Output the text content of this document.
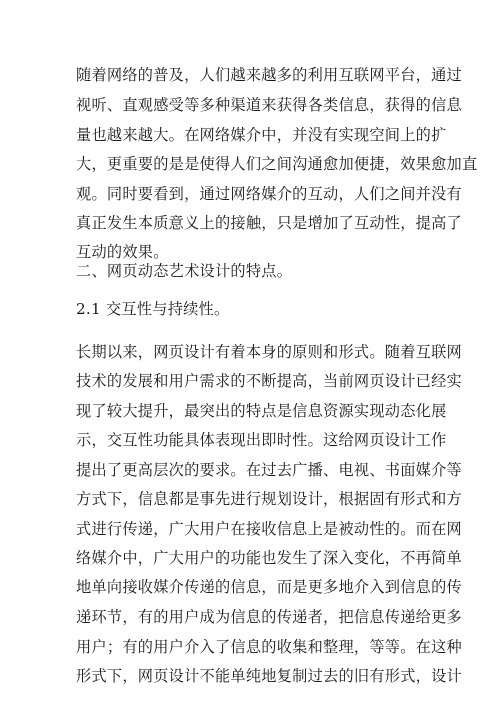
随着网络的普及，人们越来越多的利用互联网平台，通过
视听、直观感受等多种渠道来获得各类信息，获得的信息
量也越来越大。在网络媒介中，并没有实现空间上的扩
大，更重要的是是使得人们之间沟通愈加便捷，效果愈加直
观。同时要看到，通过网络媒介的互动，人们之间并没有
真正发生本质意义上的接触，只是增加了互动性，提高了
互动的效果。
二、网页动态艺术设计的特点。
2.1 交互性与持续性。
长期以来，网页设计有着本身的原则和形式。随着互联网
技术的发展和用户需求的不断提高，当前网页设计已经实
现了较大提升，最突出的特点是信息资源实现动态化展
示，交互性功能具体表现出即时性。这给网页设计工作
提出了更高层次的要求。在过去广播、电视、书面媒介等
方式下，信息都是事先进行规划设计，根据固有形式和方
式进行传递，广大用户在接收信息上是被动性的。而在网
络媒介中，广大用户的功能也发生了深入变化，不再简单
地单向接收媒介传递的信息，而是更多地介入到信息的传
递环节，有的用户成为信息的传递者，把信息传递给更多
用户；有的用户介入了信息的收集和整理，等等。在这种
形式下，网页设计不能单纯地复制过去的旧有形式，设计
